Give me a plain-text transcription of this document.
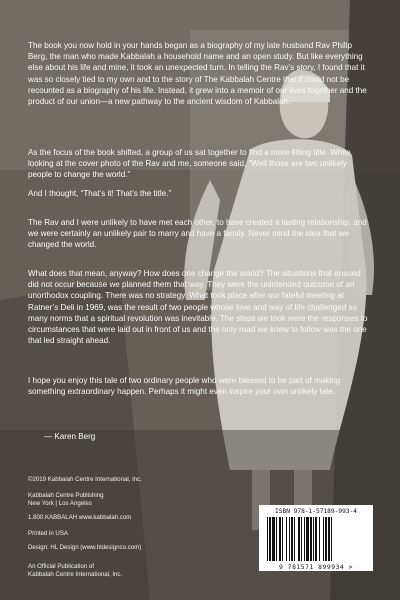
The book you now hold in your hands began as a biography of my late husband Rav Philip Berg, the man who made Kabbalah a household name and an open study. But like everything else about his life and mine, it took an unexpected turn. In telling the Rav’s story, I found that it was so closely tied to my own and to the story of The Kabbalah Centre that it could not be recounted as a biography of his life. Instead, it grew into a memoir of our lives together and the product of our union—a new pathway to the ancient wisdom of Kabbalah.

As the focus of the book shifted, a group of us sat together to find a more fitting title. While looking at the cover photo of the Rav and me, someone said, “Well those are two unlikely people to change the world.”

And I thought, “That’s it! That’s the title.”

The Rav and I were unlikely to have met each other, to have created a lasting relationship, and we were certainly an unlikely pair to marry and have a family. Never mind the idea that we changed the world.

What does that mean, anyway? How does one change the world? The situations that ensued did not occur because we planned them that way. They were the unintended outcome of an unorthodox coupling. There was no strategy. What took place after our fateful meeting at Ratner’s Deli in 1969, was the result of two people whose love and way of life challenged so many norms that a spiritual revolution was inevitable. The steps we took were the responses to circumstances that were laid out in front of us and the only road we knew to follow was the one that led straight ahead.

I hope you enjoy this tale of two ordinary people who were blessed to be part of making something extraordinary happen. Perhaps it might even inspire your own unlikely tale.

— Karen Berg
©2019 Kabbalah Centre International, Inc.
Kabbalah Centre Publishing
New York | Los Angeles
1.800.KABBALAH www.kabbalah.com
Printed in USA
Design: HL Design (www.hldesignco.com)
An Official Publication of
Kabbalah Centre International, Inc.
ISBN 978-1-57189-993-4
9 781571 899934 >
